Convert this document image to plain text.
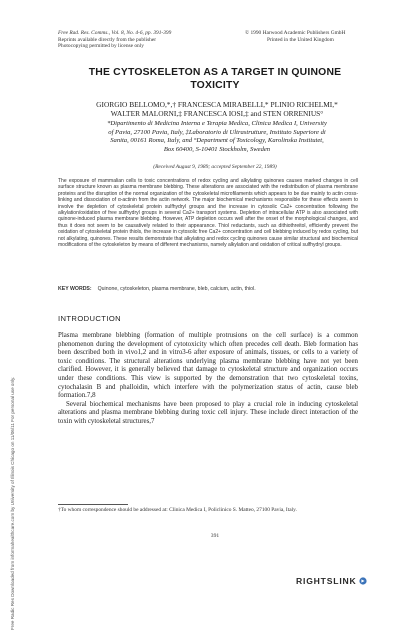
Free Radic Res Downloaded from informahealthcare.com by University of Illinois Chicago on 11/06/11 For personal use only.
Free Rad. Res. Comms., Vol. 8, No. 4-6, pp. 391-399
Reprints available directly from the publisher
Photocopying permitted by license only
© 1990 Harwood Academic Publishers GmbH
Printed in the United Kingdom
THE CYTOSKELETON AS A TARGET IN QUINONE
TOXICITY
GIORGIO BELLOMO,*,† FRANCESCA MIRABELLI,* PLINIO RICHELMI,*
WALTER MALORNI,‡ FRANCESCA IOSI,‡ and STEN ORRENIUS°
*Dipartimento di Medicina Interna e Terapia Medica, Clinica Medica I, University
of Pavia, 27100 Pavia, Italy, ‡Laboratorio di Ultrastrutture, Instituto Superiore di
Sanita, 00161 Roma, Italy, and °Department of Toxicology, Karolinska Institutet,
Box 60400, S-10401 Stockholm, Sweden
(Received August 9, 1989; accepted September 22, 1989)
The exposure of mammalian cells to toxic concentrations of redox cycling and alkylating quinones causes marked changes in cell surface structure known as plasma membrane blebbing. These alterations are associated with the redistribution of plasma membrane proteins and the disruption of the normal organization of the cytoskeletal microfilaments which appears to be due mainly to actin cross-linking and dissociation of α-actinin from the actin network. The major biochemical mechanisms responsible for these effects seem to involve the depletion of cytoskeletal protein sulfhydryl groups and the increase in cytosolic Ca2+ concentration following the alkylation/oxidation of free sulfhydryl groups in several Ca2+ transport systems. Depletion of intracellular ATP is also associated with quinone-induced plasma membrane blebbing. However, ATP depletion occurs well after the onset of the morphological changes, and thus it does not seem to be causatively related to their appearance. Thiol reductants, such as dithiothreitol, efficiently prevent the oxidation of cytoskeletal protein thiols, the increase in cytosolic free Ca2+ concentration and cell blebbing induced by redox cycling, but not alkylating, quinones. These results demonstrate that alkylating and redox cycling quinones cause similar structural and biochemical modifications of the cytoskeleton by means of different mechanisms, namely alkylation and oxidation of critical sulfhydryl groups.
KEY WORDS: Quinone, cytoskeleton, plasma membrane, bleb, calcium, actin, thiol.
INTRODUCTION

Plasma membrane blebbing (formation of multiple protrusions on the cell surface) is a common phenomenon during the development of cytotoxicity which often precedes cell death. Bleb formation has been described both in vivo1,2 and in vitro3-6 after exposure of animals, tissues, or cells to a variety of toxic conditions. The structural alterations underlying plasma membrane blebbing have not yet been clarified. However, it is generally believed that damage to cytoskeletal structure and organization occurs under these conditions. This view is supported by the demonstration that two cytoskeletal toxins, cytochalasin B and phalloidin, which interfere with the polymerization status of actin, cause bleb formation.7,8

Several biochemical mechanisms have been proposed to play a crucial role in inducing cytoskeletal alterations and plasma membrane blebbing during toxic cell injury. These include direct interaction of the toxin with cytoskeletal structures,7

†To whom correspondence should be addressed at: Clinica Medica I, Policlinico S. Matteo, 27100 Pavia, Italy.
391
RIGHTSLINK
